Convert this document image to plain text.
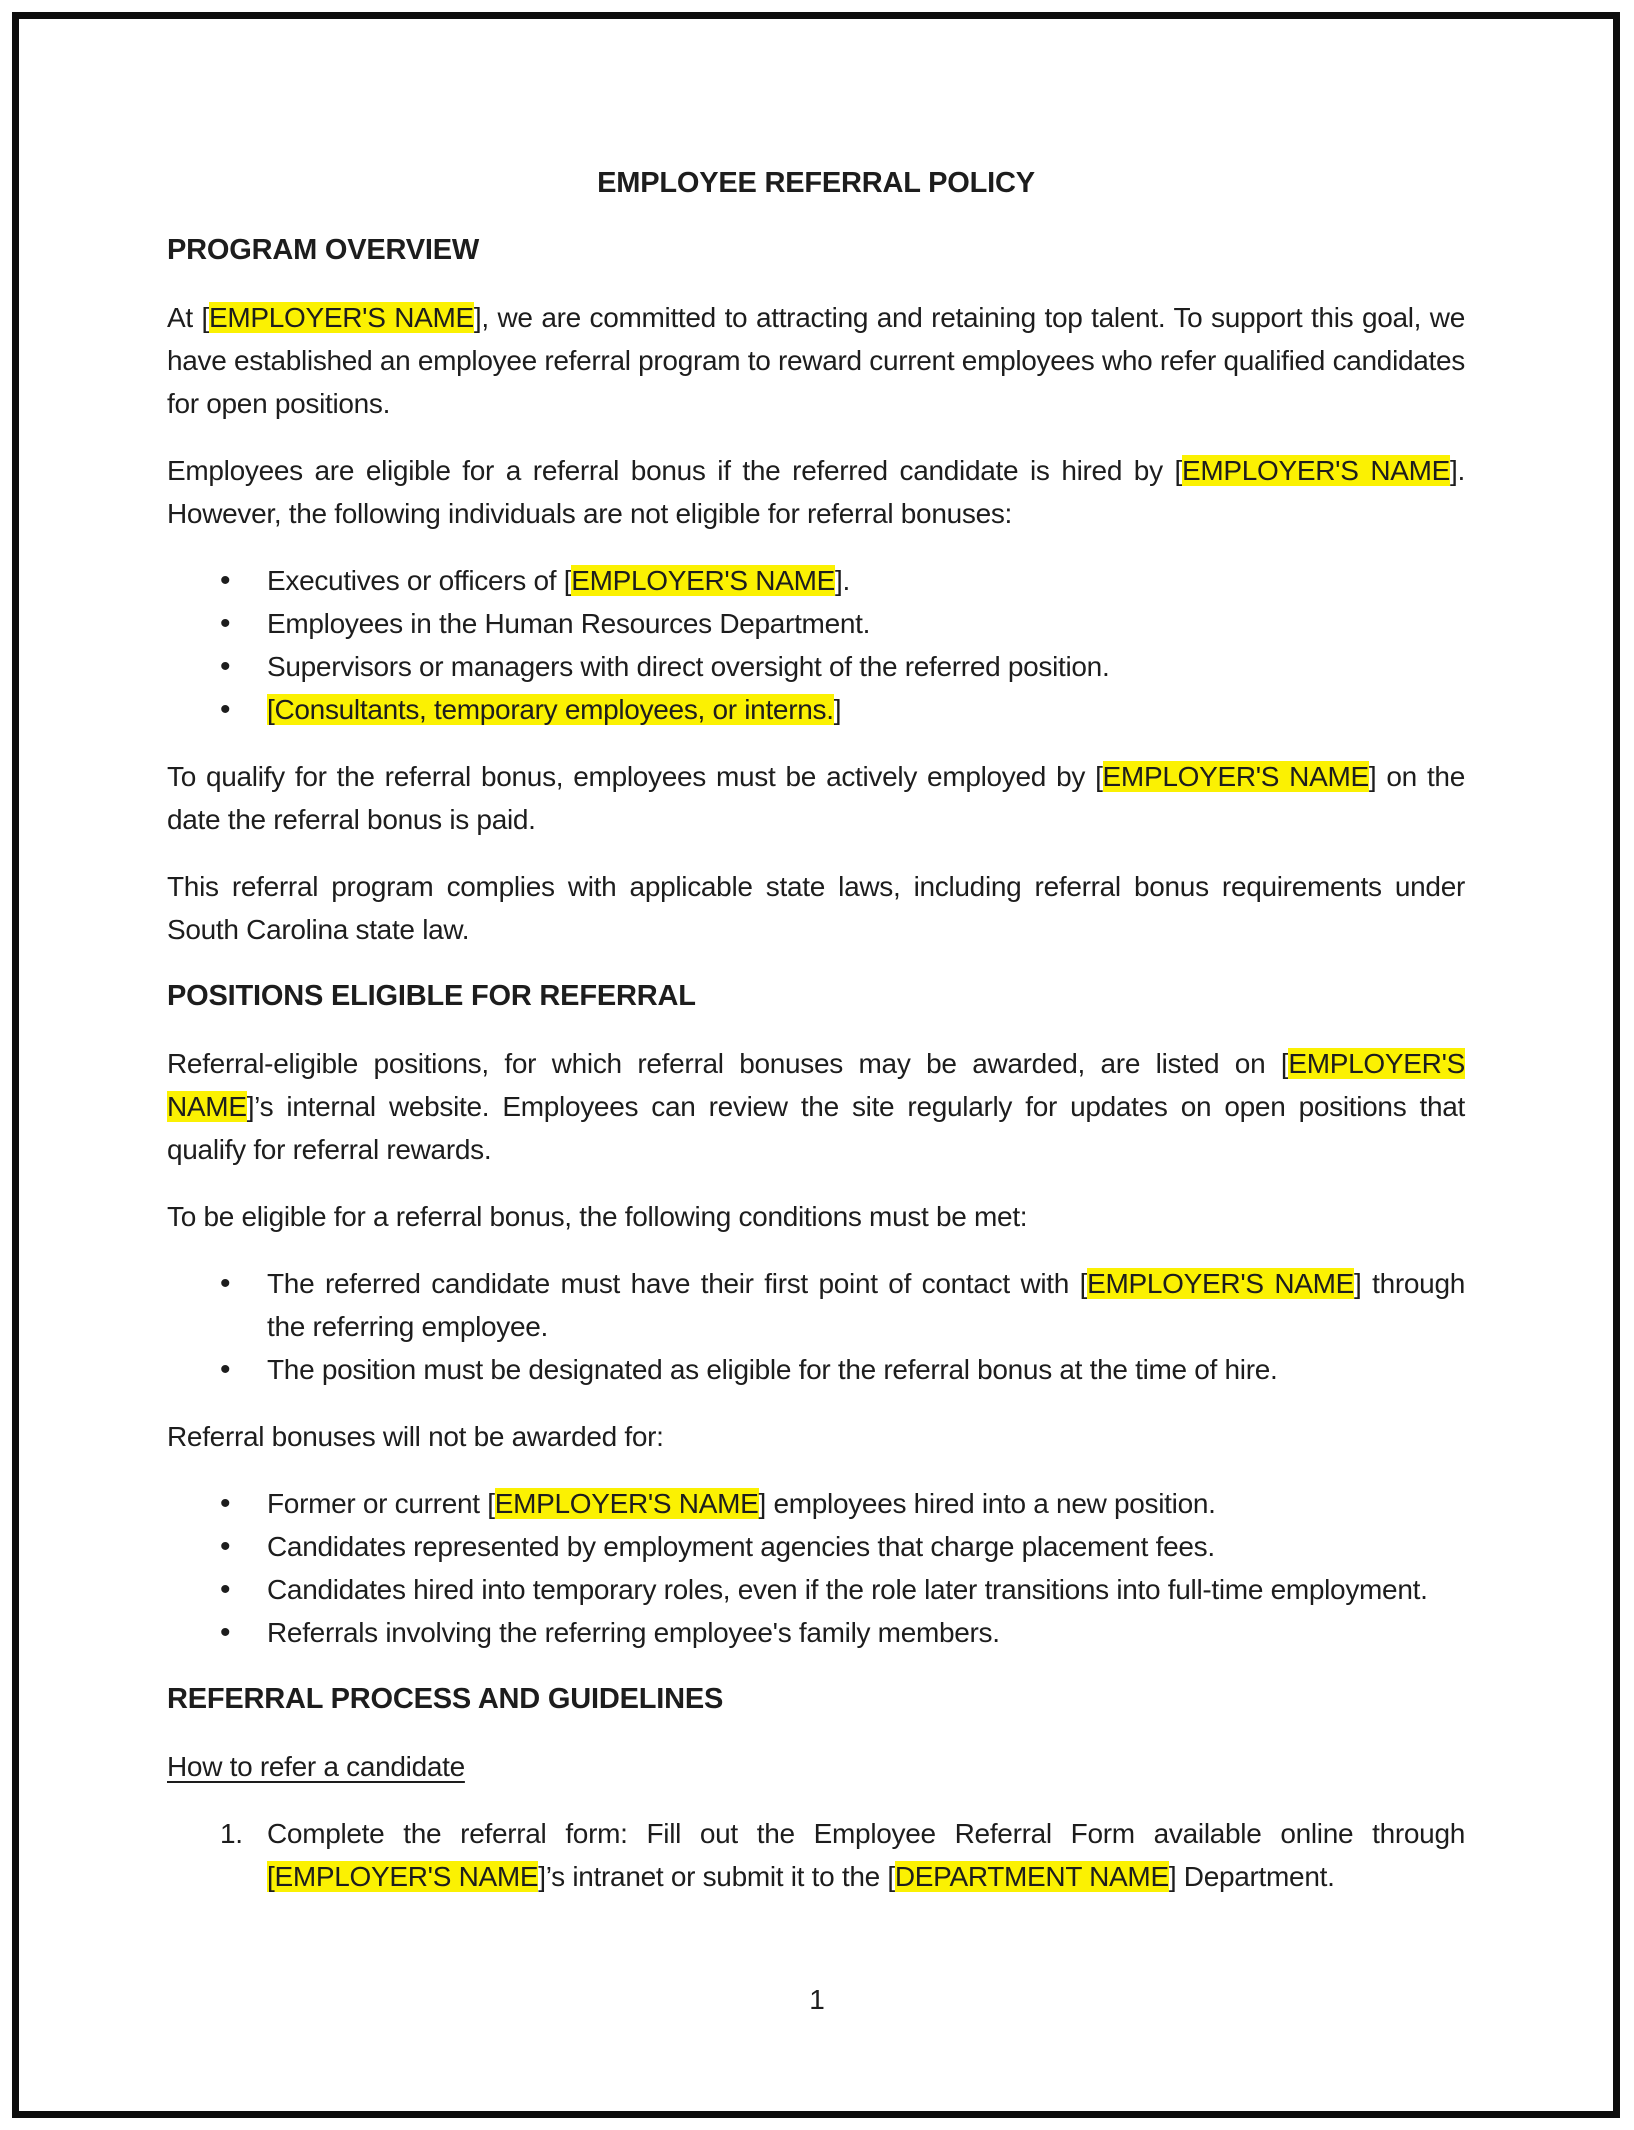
EMPLOYEE REFERRAL POLICY
PROGRAM OVERVIEW

At [EMPLOYER'S NAME], we are committed to attracting and retaining top talent. To support this goal, we have established an employee referral program to reward current employees who refer qualified candidates for open positions.

Employees are eligible for a referral bonus if the referred candidate is hired by [EMPLOYER'S NAME]. However, the following individuals are not eligible for referral bonuses:

• Executives or officers of [EMPLOYER'S NAME].
• Employees in the Human Resources Department.
• Supervisors or managers with direct oversight of the referred position.
• [Consultants, temporary employees, or interns.]

To qualify for the referral bonus, employees must be actively employed by [EMPLOYER'S NAME] on the date the referral bonus is paid.

This referral program complies with applicable state laws, including referral bonus requirements under South Carolina state law.

POSITIONS ELIGIBLE FOR REFERRAL

Referral-eligible positions, for which referral bonuses may be awarded, are listed on [EMPLOYER'S NAME]’s internal website. Employees can review the site regularly for updates on open positions that qualify for referral rewards.

To be eligible for a referral bonus, the following conditions must be met:

• The referred candidate must have their first point of contact with [EMPLOYER'S NAME] through the referring employee.
• The position must be designated as eligible for the referral bonus at the time of hire.

Referral bonuses will not be awarded for:

• Former or current [EMPLOYER'S NAME] employees hired into a new position.
• Candidates represented by employment agencies that charge placement fees.
• Candidates hired into temporary roles, even if the role later transitions into full-time employment.
• Referrals involving the referring employee's family members.
REFERRAL PROCESS AND GUIDELINES
How to refer a candidate
Complete the referral form: Fill out the Employee Referral Form available online through [EMPLOYER'S NAME]’s intranet or submit it to the [DEPARTMENT NAME] Department.
1
